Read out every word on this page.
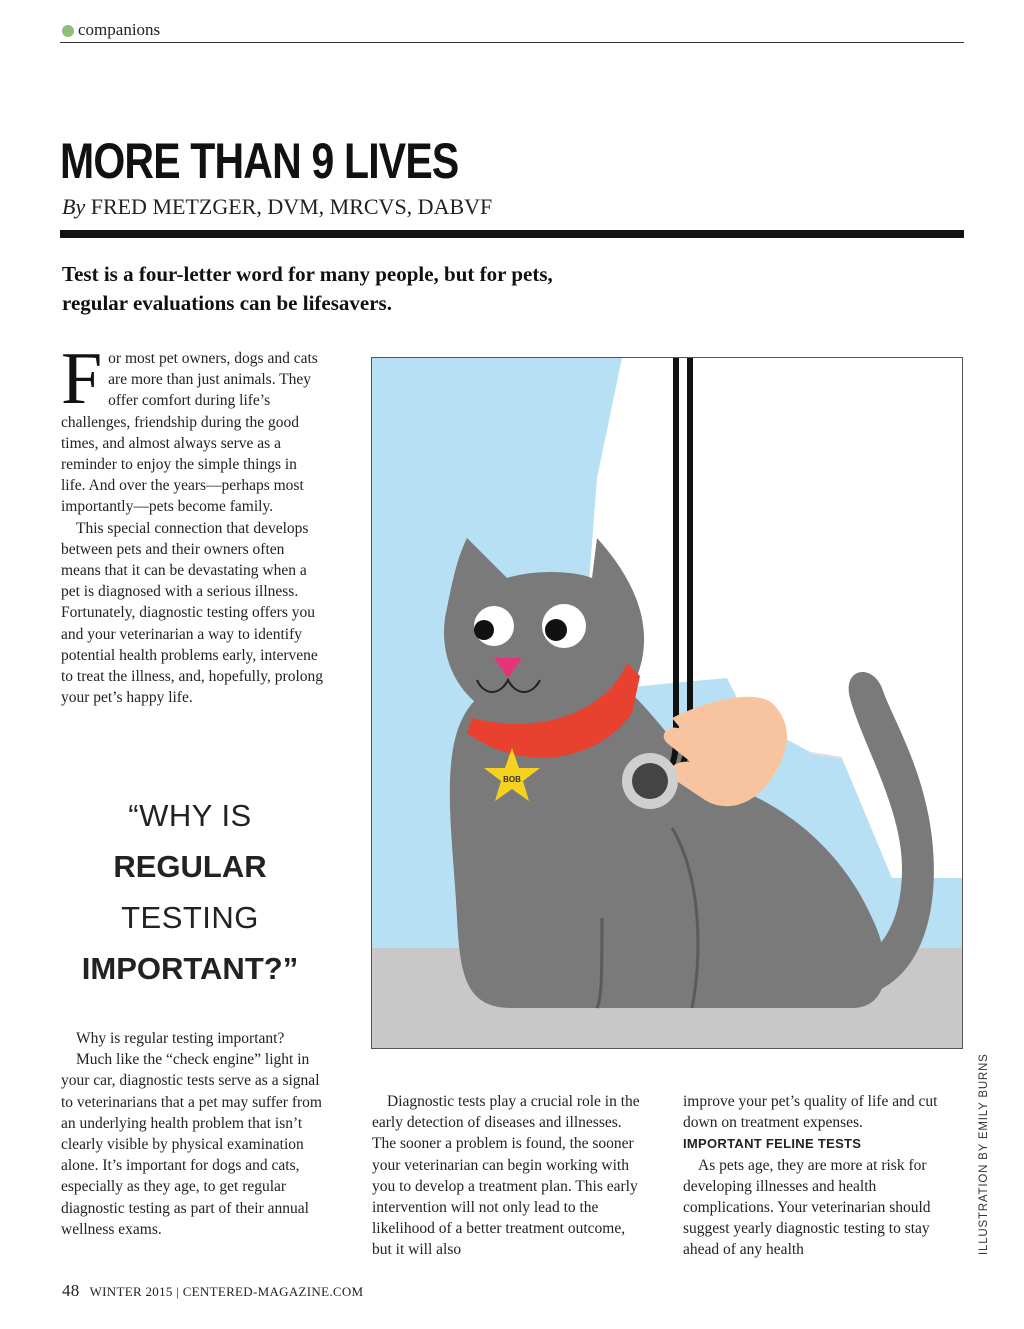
companions
MORE THAN 9 LIVES
By FRED METZGER, DVM, MRCVS, DABVF

Test is a four-letter word for many people, but for pets, regular evaluations can be lifesavers.

For most pet owners, dogs and cats are more than just animals. They offer comfort during life’s challenges, friendship during the good times, and almost always serve as a reminder to enjoy the simple things in life. And over the years—perhaps most importantly—pets become family.

This special connection that develops between pets and their owners often means that it can be devastating when a pet is diagnosed with a serious illness. Fortunately, diagnostic testing offers you and your veterinarian a way to identify potential health problems early, intervene to treat the illness, and, hopefully, prolong your pet’s happy life.

“WHY IS
REGULAR
TESTING
IMPORTANT?”

Why is regular testing important?

Much like the “check engine” light in your car, diagnostic tests serve as a signal to veterinarians that a pet may suffer from an underlying health problem that isn’t clearly visible by physical examination alone. It’s important for dogs and cats, especially as they age, to get regular diagnostic testing as part of their annual wellness exams.

Diagnostic tests play a crucial role in the early detection of diseases and illnesses. The sooner a problem is found, the sooner your veterinarian can begin working with you to develop a treatment plan. This early intervention will not only lead to the likelihood of a better treatment outcome, but it will also

improve your pet’s quality of life and cut down on treatment expenses.

IMPORTANT FELINE TESTS

As pets age, they are more at risk for developing illnesses and health complications. Your veterinarian should suggest yearly diagnostic testing to stay ahead of any health

BOB
ILLUSTRATION BY EMILY BURNS
48 WINTER 2015 | CENTERED-MAGAZINE.COM
